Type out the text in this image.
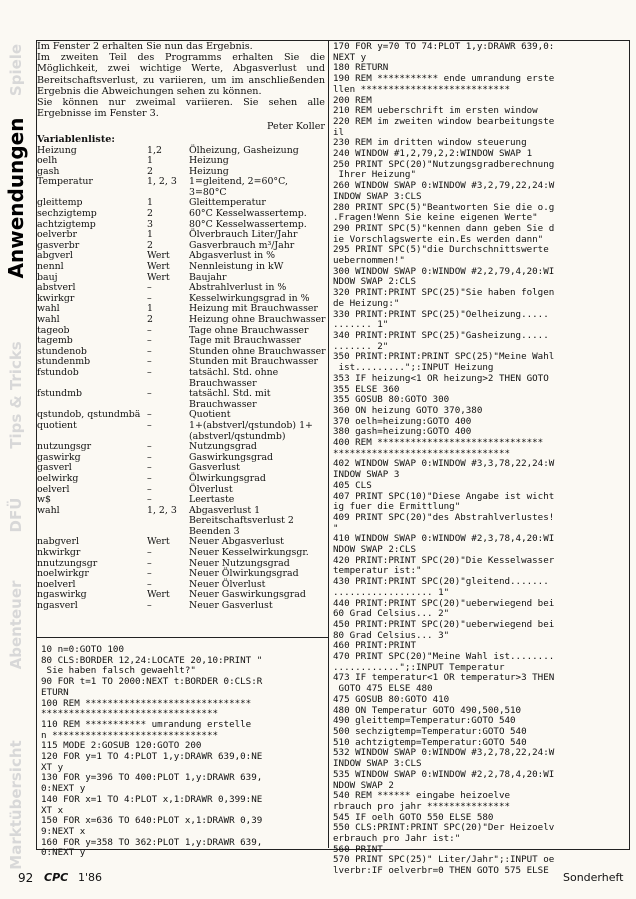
Marktübersicht
Abenteuer
DFÜ
Tips & Tricks
Anwendungen
Spiele Im Fenster 2 erhalten Sie nun das Ergebnis.

Im zweiten Teil des Programms erhalten Sie die Möglichkeit, zwei wichtige Werte, Abgasverlust und Bereitschaftsverlust, zu variieren, um im anschließenden Ergebnis die Abweichungen sehen zu können.

Sie können nur zweimal variieren. Sie sehen alle Ergebnisse im Fenster 3.

Peter Koller

Variablenliste:
Heizung	1,2	Ölheizung, Gasheizung
oelh	1	Heizung
gash	2	Heizung
Temperatur	1, 2, 3	1=gleitend, 2=60°C, 3=80°C
gleittemp	1	Gleittemperatur
sechzigtemp	2	60°C Kesselwassertemp.
achtzigtemp	3	80°C Kesselwassertemp.
oelverbr	1	Ölverbrauch Liter/Jahr
gasverbr	2	Gasverbrauch m³/Jahr
abgverl	Wert	Abgasverlust in %
nennl	Wert	Nennleistung in kW
bauj	Wert	Baujahr
abstverl	–	Abstrahlverlust in %
kwirkgr	–	Kesselwirkungsgrad in %
wahl	1	Heizung mit Brauchwasser
wahl	2	Heizung ohne Brauchwasser
tageob	–	Tage ohne Brauchwasser
tagemb	–	Tage mit Brauchwasser
stundenob	–	Stunden ohne Brauchwasser
stundenmb	–	Stunden mit Brauchwasser
fstundob	–	tatsächl. Std. ohne Brauchwasser
fstundmb	–	tatsächl. Std. mit Brauchwasser
qstundob, qstundmbä	–	Quotient
quotient	–	1+(abstverl/qstundob) 1+(abstverl/qstundmb)
nutzungsgr	–	Nutzungsgrad
gaswirkg	–	Gaswirkungsgrad
gasverl	–	Gasverlust
oelwirkg	–	Ölwirkungsgrad
oelverl	–	Ölverlust
w$	–	Leertaste
wahl	1, 2, 3	Abgasverlust 1 Bereitschaftsverlust 2 Beenden 3
nabgverl	Wert	Neuer Abgasverlust
nkwirkgr	–	Neuer Kesselwirkungsgr.
nnutzungsgr	–	Neuer Nutzungsgrad
noelwirkgr	–	Neuer Ölwirkungsgrad
noelverl	–	Neuer Ölverlust
ngaswirkg	Wert	Neuer Gaswirkungsgrad
ngasverl	–	Neuer Gasverlust
10 n=0:GOTO 100
80 CLS:BORDER 12,24:LOCATE 20,10:PRINT "
Sie haben falsch gewaehlt?"
90 FOR t=1 TO 2000:NEXT t:BORDER 0:CLS:R
ETURN
100 REM ******************************
********************************
110 REM *********** umrandung erstelle
n ******************************
115 MODE 2:GOSUB 120:GOTO 200
120 FOR y=1 TO 4:PLOT 1,y:DRAWR 639,0:NE
XT y
130 FOR y=396 TO 400:PLOT 1,y:DRAWR 639,
0:NEXT y
140 FOR x=1 TO 4:PLOT x,1:DRAWR 0,399:NE
XT x
150 FOR x=636 TO 640:PLOT x,1:DRAWR 0,39
9:NEXT x
160 FOR y=358 TO 362:PLOT 1,y:DRAWR 639,
0:NEXT y
170 FOR y=70 TO 74:PLOT 1,y:DRAWR 639,0:
NEXT y
180 RETURN
190 REM *********** ende umrandung erste
llen ***************************
200 REM
210 REM ueberschrift im ersten window
220 REM im zweiten window bearbeitungste
il
230 REM im dritten window steuerung
240 WINDOW #1,2,79,2,2:WINDOW SWAP 1
250 PRINT SPC(20)"Nutzungsgradberechnung
Ihrer Heizung"
260 WINDOW SWAP 0:WINDOW #3,2,79,22,24:W
INDOW SWAP 3:CLS
280 PRINT SPC(5)"Beantworten Sie die o.g
.Fragen!Wenn Sie keine eigenen Werte"
290 PRINT SPC(5)"kennen dann geben Sie d
ie Vorschlagswerte ein.Es werden dann"
295 PRINT SPC(5)"die Durchschnittswerte
uebernommen!"
300 WINDOW SWAP 0:WINDOW #2,2,79,4,20:WI
NDOW SWAP 2:CLS
320 PRINT:PRINT SPC(25)"Sie haben folgen
de Heizung:"
330 PRINT:PRINT SPC(25)"Oelheizung.....
....... 1"
340 PRINT:PRINT SPC(25)"Gasheizung.....
....... 2"
350 PRINT:PRINT:PRINT SPC(25)"Meine Wahl
ist.........";:INPUT Heizung
353 IF heizung<1 OR heizung>2 THEN GOTO
355 ELSE 360
355 GOSUB 80:GOTO 300
360 ON heizung GOTO 370,380
370 oelh=heizung:GOTO 400
380 gash=heizung:GOTO 400
400 REM ******************************
********************************
402 WINDOW SWAP 0:WINDOW #3,3,78,22,24:W
INDOW SWAP 3
405 CLS
407 PRINT SPC(10)"Diese Angabe ist wicht
ig fuer die Ermittlung"
409 PRINT SPC(20)"des Abstrahlverlustes!
"
410 WINDOW SWAP 0:WINDOW #2,3,78,4,20:WI
NDOW SWAP 2:CLS
420 PRINT:PRINT SPC(20)"Die Kesselwasser
temperatur ist:"
430 PRINT:PRINT SPC(20)"gleitend.......
.................. 1"
440 PRINT:PRINT SPC(20)"ueberwiegend bei
60 Grad Celsius... 2"
450 PRINT:PRINT SPC(20)"ueberwiegend bei
80 Grad Celsius... 3"
460 PRINT:PRINT
470 PRINT SPC(20)"Meine Wahl ist........
............";:INPUT Temperatur
473 IF temperatur<1 OR temperatur>3 THEN
GOTO 475 ELSE 480
475 GOSUB 80:GOTO 410
480 ON Temperatur GOTO 490,500,510
490 gleittemp=Temperatur:GOTO 540
500 sechzigtemp=Temperatur:GOTO 540
510 achtzigtemp=Temperatur:GOTO 540
532 WINDOW SWAP 0:WINDOW #3,2,78,22,24:W
INDOW SWAP 3:CLS
535 WINDOW SWAP 0:WINDOW #2,2,78,4,20:WI
NDOW SWAP 2
540 REM ****** eingabe heizoelve
rbrauch pro jahr ***************
545 IF oelh GOTO 550 ELSE 580
550 CLS:PRINT:PRINT SPC(20)"Der Heizoelv
erbrauch pro Jahr ist:"
560 PRINT
570 PRINT SPC(25)" Liter/Jahr";:INPUT oe
lverbr:IF oelverbr=0 THEN GOTO 575 ELSE
92 CPC 1'86	Sonderheft
